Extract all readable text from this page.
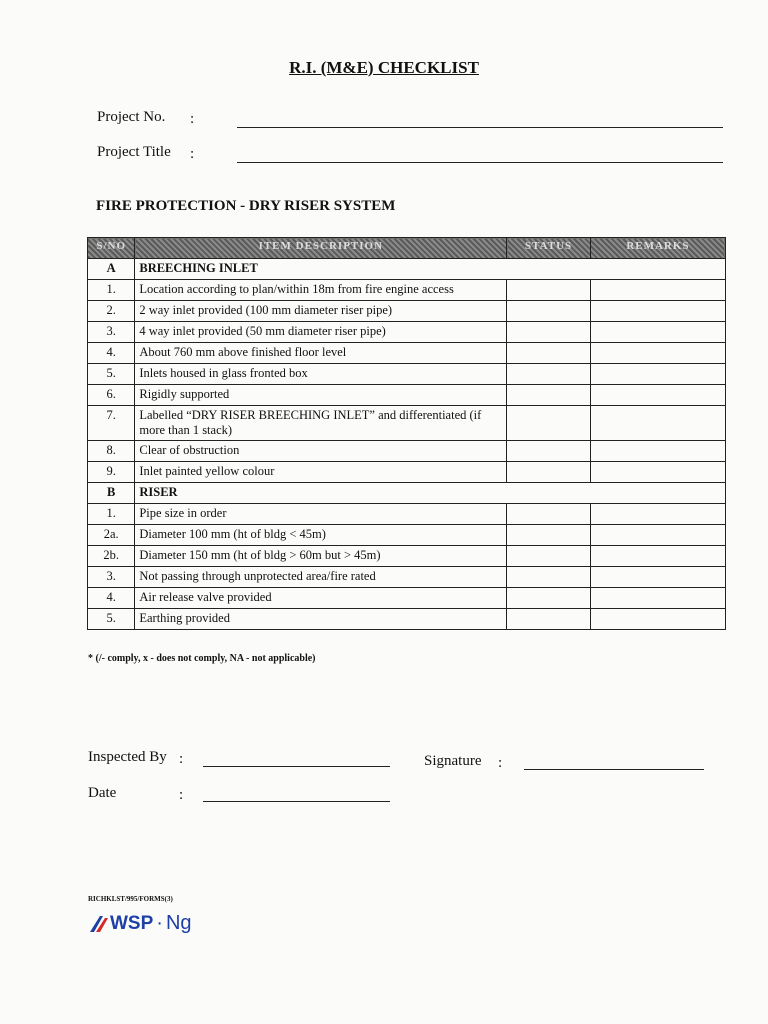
R.I. (M&E) CHECKLIST
Project No. :
Project Title :
FIRE PROTECTION - DRY RISER SYSTEM
S/NO	ITEM DESCRIPTION	STATUS	REMARKS
A	BREECHING INLET		
1.	Location according to plan/within 18m from fire engine access		
2.	2 way inlet provided (100 mm diameter riser pipe)		
3.	4 way inlet provided (50 mm diameter riser pipe)		
4.	About 760 mm above finished floor level		
5.	Inlets housed in glass fronted box		
6.	Rigidly supported		
7.	Labelled “DRY RISER BREECHING INLET” and differentiated (if more than 1 stack)		
8.	Clear of obstruction		
9.	Inlet painted yellow colour		
B	RISER		
1.	Pipe size in order		
2a.	Diameter 100 mm (ht of bldg < 45m)		
2b.	Diameter 150 mm (ht of bldg > 60m but > 45m)		
3.	Not passing through unprotected area/fire rated		
4.	Air release valve provided		
5.	Earthing provided		
* (/- comply, x - does not comply, NA - not applicable)
Inspected By :	Signature :
Date	:
RICHKLST/995/FORMS(3)
WSP · Ng
